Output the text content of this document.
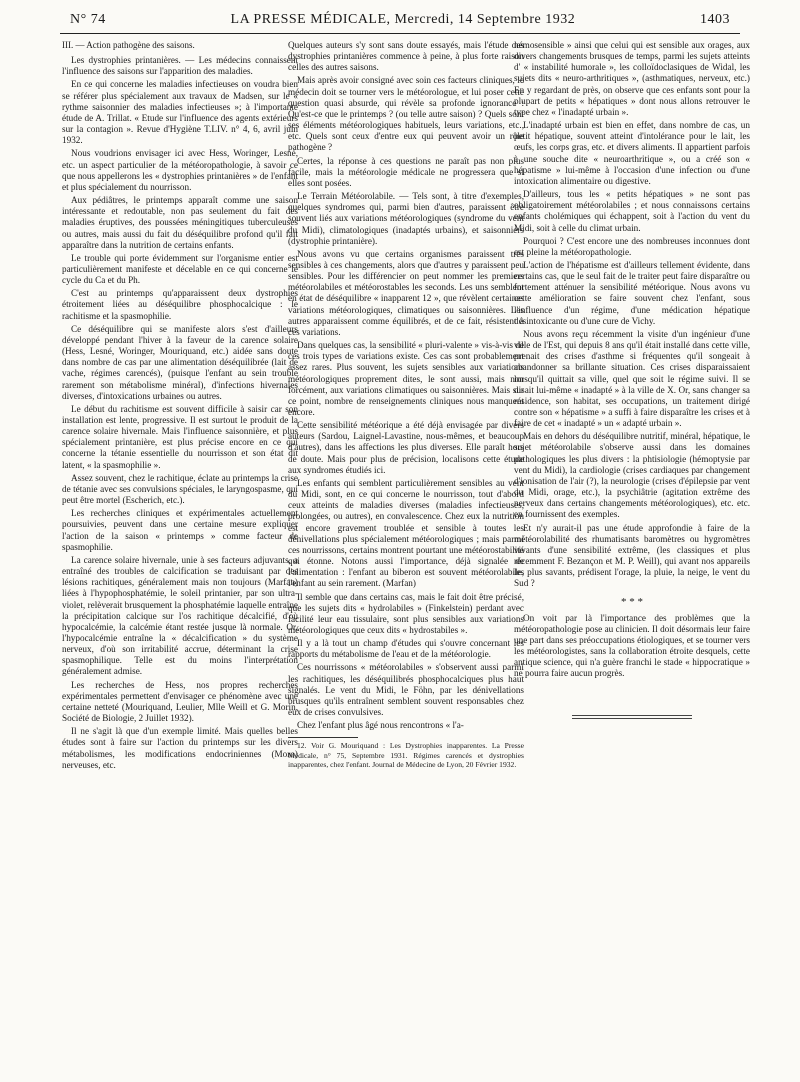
N° 74	LA PRESSE MÉDICALE, Mercredi, 14 Septembre 1932	1403

III. — Action pathogène des saisons.

Les dystrophies printanières. — Les médecins connaissent l'influence des saisons sur l'apparition des maladies.

En ce qui concerne les maladies infectieuses on voudra bien se référer plus spécialement aux travaux de Madsen, sur le « rythme saisonnier des maladies infectieuses »; à l'importante étude de A. Trillat. « Etude sur l'influence des agents extérieurs sur la contagion ». Revue d'Hygiène T.LIV. n° 4, 6, avril juin 1932.

Nous voudrions envisager ici avec Hess, Woringer, Lesné, etc. un aspect particulier de la météoropathologie, à savoir ce que nous appellerons les « dystrophies printanières » de l'enfant et plus spécialement du nourrisson.

Aux pédiâtres, le printemps apparaît comme une saison intéressante et redoutable, non pas seulement du fait des maladies éruptives, des poussées méningitiques tuberculeuses ou autres, mais aussi du fait du déséquilibre profond qu'il fait apparaître dans la nutrition de certains enfants.

Le trouble qui porte évidemment sur l'organisme entier est particulièrement manifeste et décelable en ce qui concerne le cycle du Ca et du Ph.

C'est au printemps qu'apparaissent deux dystrophies étroitement liées au déséquilibre phosphocalcique : le rachitisme et la spasmophilie.

Ce déséquilibre qui se manifeste alors s'est d'ailleurs développé pendant l'hiver à la faveur de la carence solaire (Hess, Lesné, Woringer, Mouriquand, etc.) aidée sans doute dans nombre de cas par une alimentation déséquilibrée (lait de vache, régimes carencés), (puisque l'enfant au sein trouble rarement son métabolisme minéral), d'infections hivernales diverses, d'intoxications urbaines ou autres.

Le début du rachitisme est souvent difficile à saisir car son installation est lente, progressive. Il est surtout le produit de la carence solaire hivernale. Mais l'influence saisonnière, et plus spécialement printanière, est plus précise encore en ce qui concerne la tétanie essentielle du nourrisson et son état dit latent, « la spasmophilie ».

Assez souvent, chez le rachitique, éclate au printemps la crise de tétanie avec ses convulsions spéciales, le laryngospasme, qui peut être mortel (Escherich, etc.).

Les recherches cliniques et expérimentales actuellement poursuivies, peuvent dans une certaine mesure expliquer l'action de la saison « printemps » comme facteur de spasmophilie.

La carence solaire hivernale, unie à ses facteurs adjuvants, a entraîné des troubles de calcification se traduisant par des lésions rachitiques, généralement mais non toujours (Marfan) liées à l'hypophosphatémie, le soleil printanier, par son ultra-violet, relèverait brusquement la phosphatémie laquelle entraîne la précipitation calcique sur l'os rachitique décalcifié, d'où hypocalcémie, la calcémie étant restée jusque là normale. Or, l'hypocalcémie entraîne la « décalcification » du système nerveux, d'où son irritabilité accrue, déterminant la crise spasmophilique. Telle est du moins l'interprétation généralement admise.

Les recherches de Hess, nos propres recherches expérimentales permettent d'envisager ce phénomène avec une certaine netteté (Mouriquand, Leulier, Mlle Weill et G. Morin, Société de Biologie, 2 Juillet 1932).

Il ne s'agit là que d'un exemple limité. Mais quelles belles études sont à faire sur l'action du printemps sur les divers métabolismes, les modifications endocriniennes (Moro) nerveuses, etc.

Quelques auteurs s'y sont sans doute essayés, mais l'étude des dystrophies printanières commence à peine, à plus forte raison celles des autres saisons.

Mais après avoir consigné avec soin ces facteurs cliniques, le médecin doit se tourner vers le météorologue, et lui poser cette question quasi absurde, qui révèle sa profonde ignorance : Qu'est-ce que le printemps ? (ou telle autre saison) ? Quels sont ses éléments météorologiques habituels, leurs variations, etc., etc. Quels sont ceux d'entre eux qui peuvent avoir un rôle pathogène ?

Certes, la réponse à ces questions ne paraît pas non plus facile, mais la météorologie médicale ne progressera que si elles sont posées.

Le Terrain Météorolabile. — Tels sont, à titre d'exemples, quelques syndromes qui, parmi bien d'autres, paraissent être souvent liés aux variations météorologiques (syndrome du vent du Midi), climatologiques (inadaptés urbains), et saisonniers (dystrophie printanière).

Nous avons vu que certains organismes paraissent très sensibles à ces changements, alors que d'autres y paraissent peu sensibles. Pour les différencier on peut nommer les premiers météorolabiles et météorostables les seconds. Les uns semblent en état de déséquilibre « inapparent 12 », que révèlent certaines variations météorologiques, climatiques ou saisonnières. Les autres apparaissent comme équilibrés, et de ce fait, résistent à ces variations.

Dans quelques cas, la sensibilité « pluri-valente » vis-à-vis de ces trois types de variations existe. Ces cas sont probablement assez rares. Plus souvent, les sujets sensibles aux variations météorologiques proprement dites, le sont aussi, mais non forcément, aux variations climatiques ou saisonnières. Mais sur ce point, nombre de renseignements cliniques nous manquent encore.

Cette sensibilité météorique a été déjà envisagée par divers auteurs (Sardou, Laignel-Lavastine, nous-mêmes, et beaucoup d'autres), dans les affections les plus diverses. Elle paraît hors de doute. Mais pour plus de précision, localisons cette étude aux syndromes étudiés ici.

Les enfants qui semblent particulièrement sensibles au vent du Midi, sont, en ce qui concerne le nourrisson, tout d'abord ceux atteints de maladies diverses (maladies infectieuses, prolongées, ou autres), en convalescence. Chez eux la nutrition est encore gravement troublée et sensible à toutes les dénivellations plus spécialement météorologiques ; mais parmi ces nourrissons, certains montrent pourtant une météorostabilité qui étonne. Notons aussi l'importance, déjà signalée de l'alimentation : l'enfant au biberon est souvent météorolabile, l'enfant au sein rarement. (Marfan)

Il semble que dans certains cas, mais le fait doit être précisé, que les sujets dits « hydrolabiles » (Finkelstein) perdant avec facilité leur eau tissulaire, sont plus sensibles aux variations météorologiques que ceux dits « hydrostabiles ».

Il y a là tout un champ d'études qui s'ouvre concernant les rapports du métabolisme de l'eau et de la météorologie.

Ces nourrissons « météorolabiles » s'observent aussi parmi les rachitiques, les déséquilibrés phosphocalciques plus haut signalés. Le vent du Midi, le Föhn, par les dénivellations brusques qu'ils entraînent semblent souvent responsables chez eux de crises convulsives.

Chez l'enfant plus âgé nous rencontrons « l'a-

12. Voir G. Mouriquand : Les Dystrophies inapparentes. La Presse Médicale, n° 75, Septembre 1931. Régimes carencés et dystrophies inapparentes, chez l'enfant. Journal de Médecine de Lyon, 20 Février 1932.

némosensible » ainsi que celui qui est sensible aux orages, aux divers changements brusques de temps, parmi les sujets atteints d' « instabilité humorale », les colloïdoclasiques de Widal, les sujets dits « neuro-arthritiques », (asthmatiques, nerveux, etc.) En y regardant de près, on observe que ces enfants sont pour la plupart de petits « hépatiques » dont nous allons retrouver le type chez « l'inadapté urbain ».

L'inadapté urbain est bien en effet, dans nombre de cas, un petit hépatique, souvent atteint d'intolérance pour le lait, les œufs, les corps gras, etc. et divers aliments. Il appartient parfois à une souche dite « neuroarthritique », ou a créé son « hépatisme » lui-même à l'occasion d'une infection ou d'une intoxication alimentaire ou digestive.

D'ailleurs, tous les « petits hépatiques » ne sont pas obligatoirement météorolabiles ; et nous connaissons certains enfants cholémiques qui échappent, soit à l'action du vent du Midi, soit à celle du climat urbain.

Pourquoi ? C'est encore une des nombreuses inconnues dont est pleine la météoropathologie.

L'action de l'hépatisme est d'ailleurs tellement évidente, dans certains cas, que le seul fait de le traiter peut faire disparaître ou fortement atténuer la sensibilité météorique. Nous avons vu cette amélioration se faire souvent chez l'enfant, sous l'influence d'un régime, d'une médication hépatique désintoxicante ou d'une cure de Vichy.

Nous avons reçu récemment la visite d'un ingénieur d'une ville de l'Est, qui depuis 8 ans qu'il était installé dans cette ville, prenait des crises d'asthme si fréquentes qu'il songeait à abandonner sa brillante situation. Ces crises disparaissaient lorsqu'il quittait sa ville, quel que soit le régime suivi. Il se disait lui-même « inadapté » à la ville de X. Or, sans changer sa résidence, son habitat, ses occupations, un traitement dirigé contre son « hépatisme » a suffi à faire disparaître les crises et à faire de cet « inadapté » un « adapté urbain ».

Mais en dehors du déséquilibre nutritif, minéral, hépatique, le sujet météorolabile s'observe aussi dans les domaines pathologiques les plus divers : la phtisiologie (hémoptysie par vent du Midi), la cardiologie (crises cardiaques par changement d'ionisation de l'air (?), la neurologie (crises d'épilepsie par vent du Midi, orage, etc.), la psychiâtrie (agitation extrême des nerveux dans certains changements météorologiques), etc. etc. en fournissent des exemples.

Et n'y aurait-il pas une étude approfondie à faire de la météorolabilité des rhumatisants baromètres ou hygromètres vivants d'une sensibilité extrême, (les classiques et plus récemment F. Bezançon et M. P. Weill), qui avant nos appareils les plus savants, prédisent l'orage, la pluie, la neige, le vent du Sud ?

* * *

On voit par là l'importance des problèmes que la météoropathologie pose au clinicien. Il doit désormais leur faire une part dans ses préoccupations étiologiques, et se tourner vers les météorologistes, sans la collaboration étroite desquels, cette antique science, qui n'a guère franchi le stade « hippocratique » ne pourra faire aucun progrès.
